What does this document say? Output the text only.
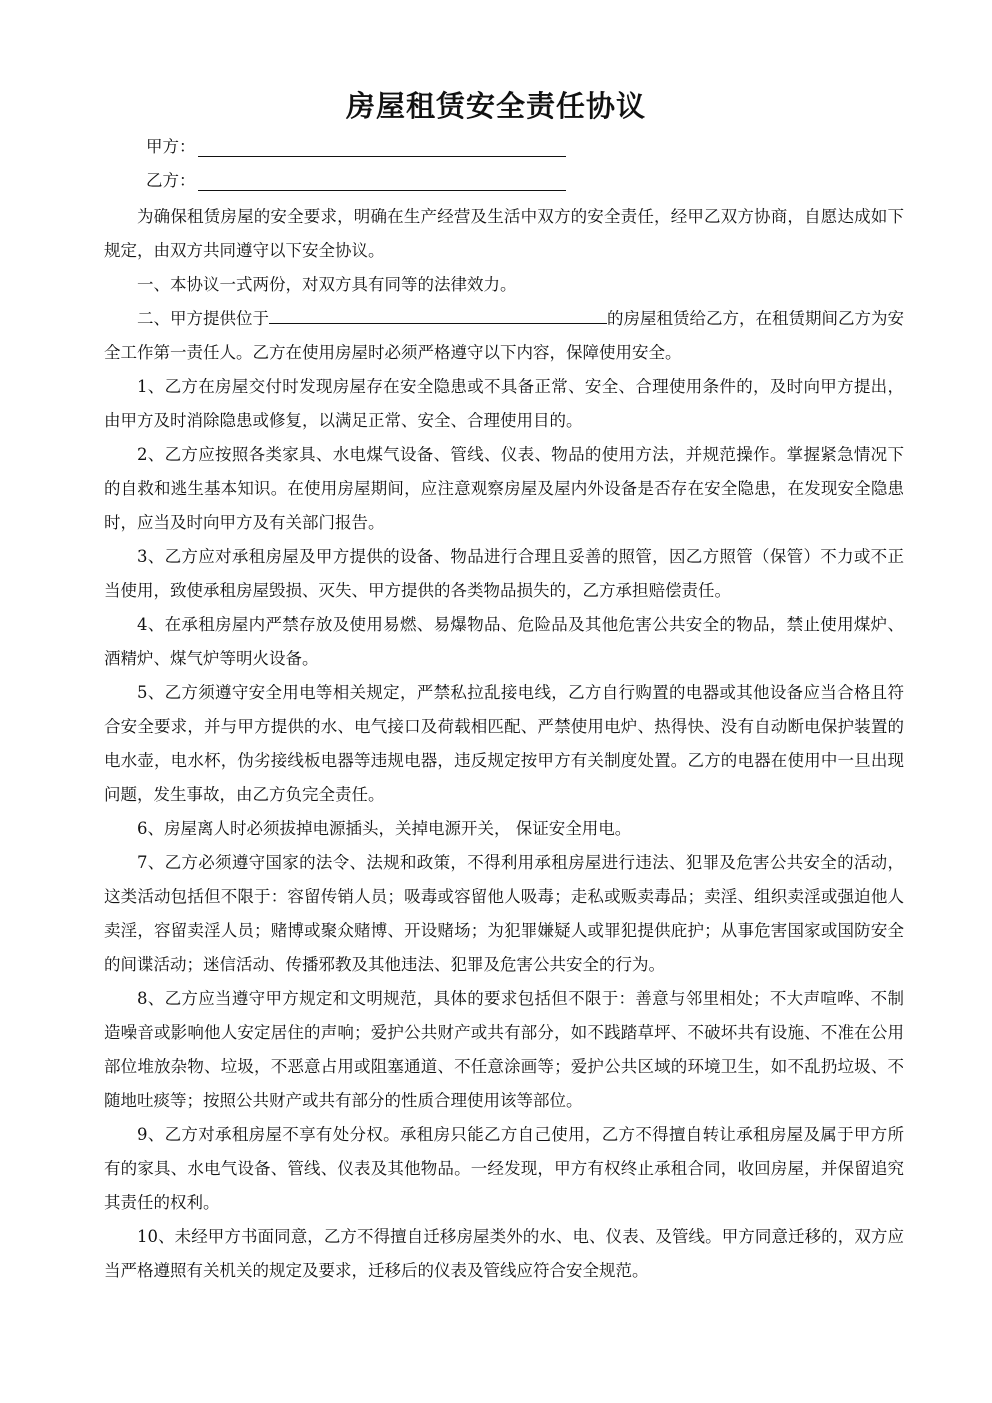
房屋租赁安全责任协议
甲方：
乙方：

为确保租赁房屋的安全要求，明确在生产经营及生活中双方的安全责任，经甲乙双方协商，自愿达成如下规定，由双方共同遵守以下安全协议。

一、本协议一式两份，对双方具有同等的法律效力。

二、甲方提供位于	的房屋租赁给乙方，在租赁期间乙方为安全工作第一责任人。乙方在使用房屋时必须严格遵守以下内容，保障使用安全。

1、乙方在房屋交付时发现房屋存在安全隐患或不具备正常、安全、合理使用条件的，及时向甲方提出，由甲方及时消除隐患或修复，以满足正常、安全、合理使用目的。

2、乙方应按照各类家具、水电煤气设备、管线、仪表、物品的使用方法，并规范操作。掌握紧急情况下的自救和逃生基本知识。在使用房屋期间，应注意观察房屋及屋内外设备是否存在安全隐患，在发现安全隐患时，应当及时向甲方及有关部门报告。

3、乙方应对承租房屋及甲方提供的设备、物品进行合理且妥善的照管，因乙方照管（保管）不力或不正当使用，致使承租房屋毁损、灭失、甲方提供的各类物品损失的，乙方承担赔偿责任。

4、在承租房屋内严禁存放及使用易燃、易爆物品、危险品及其他危害公共安全的物品，禁止使用煤炉、酒精炉、煤气炉等明火设备。

5、乙方须遵守安全用电等相关规定，严禁私拉乱接电线，乙方自行购置的电器或其他设备应当合格且符合安全要求，并与甲方提供的水、电气接口及荷载相匹配、严禁使用电炉、热得快、没有自动断电保护装置的电水壶，电水杯，伪劣接线板电器等违规电器，违反规定按甲方有关制度处置。乙方的电器在使用中一旦出现问题，发生事故，由乙方负完全责任。

6、房屋离人时必须拔掉电源插头，关掉电源开关， 保证安全用电。

7、乙方必须遵守国家的法令、法规和政策，不得利用承租房屋进行违法、犯罪及危害公共安全的活动，这类活动包括但不限于：容留传销人员；吸毒或容留他人吸毒；走私或贩卖毒品；卖淫、组织卖淫或强迫他人卖淫，容留卖淫人员；赌博或聚众赌博、开设赌场；为犯罪嫌疑人或罪犯提供庇护；从事危害国家或国防安全的间谍活动；迷信活动、传播邪教及其他违法、犯罪及危害公共安全的行为。

8、乙方应当遵守甲方规定和文明规范，具体的要求包括但不限于：善意与邻里相处；不大声喧哗、不制造噪音或影响他人安定居住的声响；爱护公共财产或共有部分，如不践踏草坪、不破坏共有设施、不准在公用部位堆放杂物、垃圾，不恶意占用或阻塞通道、不任意涂画等；爱护公共区域的环境卫生，如不乱扔垃圾、不随地吐痰等；按照公共财产或共有部分的性质合理使用该等部位。

9、乙方对承租房屋不享有处分权。承租房只能乙方自己使用，乙方不得擅自转让承租房屋及属于甲方所有的家具、水电气设备、管线、仪表及其他物品。一经发现，甲方有权终止承租合同，收回房屋，并保留追究其责任的权利。

10、未经甲方书面同意，乙方不得擅自迁移房屋类外的水、电、仪表、及管线。甲方同意迁移的，双方应当严格遵照有关机关的规定及要求，迁移后的仪表及管线应符合安全规范。
